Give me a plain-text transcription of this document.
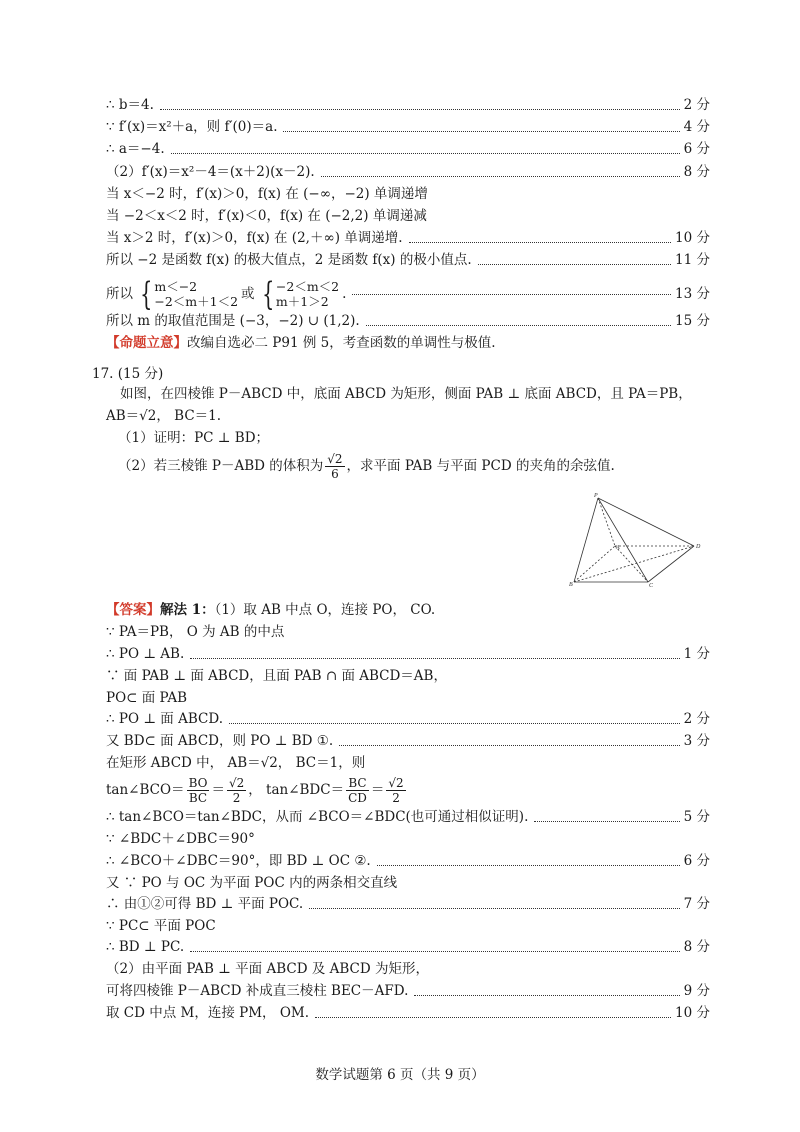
∴ b＝4.	2 分
∵ f′(x)＝x²＋a，则 f′(0)＝a.	4 分
∴ a＝−4.	6 分
（2）f′(x)＝x²－4＝(x＋2)(x－2).	8 分
当 x＜−2 时，f′(x)＞0，f(x) 在 (−∞，−2) 单调递增
当 −2＜x＜2 时，f′(x)＜0，f(x) 在 (−2,2) 单调递减
当 x＞2 时，f′(x)＞0，f(x) 在 (2,＋∞) 单调递增.	10 分
所以 −2 是函数 f(x) 的极大值点，2 是函数 f(x) 的极小值点.	11 分
所以 { m＜−2
−2＜m＋1＜2 或 { −2＜m＜2
m＋1＞2 .	13 分
所以 m 的取值范围是 (−3，−2) ∪ (1,2).	15 分
【命题立意】改编自选必二 P91 例 5，考查函数的单调性与极值.
17. (15 分)
如图，在四棱锥 P－ABCD 中，底面 ABCD 为矩形，侧面 PAB ⊥ 底面 ABCD，且 PA＝PB，
AB＝√2， BC＝1.
（1）证明：PC ⊥ BD；
（2）若三棱锥 P－ABD 的体积为 $\frac{√2}{6}$ ，求平面 PAB 与平面 PCD 的夹角的余弦值.
P
A	D
B	C
【答案】解法 1：（1）取 AB 中点 O，连接 PO， CO.
∵ PA＝PB， O 为 AB 的中点
∴ PO ⊥ AB.	1 分
∵ 面 PAB ⊥ 面 ABCD，且面 PAB ∩ 面 ABCD＝AB，
PO⊂ 面 PAB
∴ PO ⊥ 面 ABCD.	2 分
又 BD⊂ 面 ABCD，则 PO ⊥ BD ①.	3 分
在矩形 ABCD 中， AB＝√2， BC＝1，则
tan∠BCO＝ $\frac{BO}{BC} = \frac{√2}{2}$ ， tan∠BDC＝ $\frac{BC}{CD} = \frac{√2}{2}$
∴ tan∠BCO＝tan∠BDC，从而 ∠BCO＝∠BDC(也可通过相似证明).	5 分
∵ ∠BDC＋∠DBC＝90°
∴ ∠BCO＋∠DBC＝90°，即 BD ⊥ OC ②.	6 分
又 ∵ PO 与 OC 为平面 POC 内的两条相交直线
∴ 由①②可得 BD ⊥ 平面 POC.	7 分
∵ PC⊂ 平面 POC
∴ BD ⊥ PC.	8 分
（2）由平面 PAB ⊥ 平面 ABCD 及 ABCD 为矩形，
可将四棱锥 P－ABCD 补成直三棱柱 BEC－AFD.	9 分
取 CD 中点 M，连接 PM， OM.	10 分
数学试题第 6 页（共 9 页）
